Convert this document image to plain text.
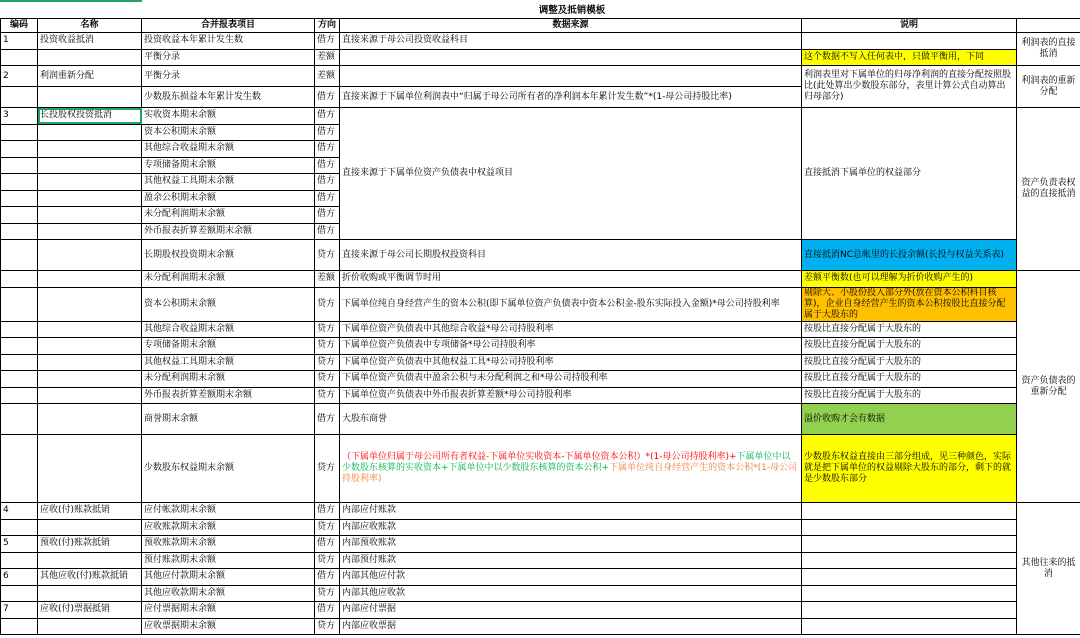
调整及抵销模板
编码	名称	合并报表项目	方向	数据来源	说明	
1	投资收益抵消	投资收益本年累计发生数	借方	直接来源于母公司投资收益科目		利润表的直接抵消
		平衡分录	差额		这个数据不写入任何表中，只做平衡用，下同	
2	利润重新分配	平衡分录	差额		利润表里对下属单位的归母净利润的直接分配按照股比(此处算出少数股东部分，表里计算公式自动算出归母部分)	利润表的重新分配
		少数股东损益本年累计发生数	借方	直接来源于下属单位利润表中“归属于母公司所有者的净利润本年累计发生数”*(1-母公司持股比率)		
3	长投股权投资抵消	实收资本期末余额	借方	直接来源于下属单位资产负债表中权益项目	直接抵消下属单位的权益部分	资产负责表权益的直接抵消
		资本公积期末余额	借方			
		其他综合收益期末余额	借方			
		专项储备期末余额	借方			
		其他权益工具期末余额	借方			
		盈余公积期末余额	借方			
		未分配利润期末余额	借方			
		外币报表折算差额期末余额	借方			
		长期股权投资期末余额	贷方	直接来源于母公司长期股权投资科目	直接抵消NC总帐里的长投余额(长投与权益关系表)	
		未分配利润期末余额	差额	折价收购或平衡调节时用	差额平衡数(也可以理解为折价收购产生的)	资产负债表的重新分配
		资本公积期末余额	贷方	下属单位纯自身经营产生的资本公积(即下属单位资产负债表中资本公积金-股东实际投入金额)*母公司持股利率	剔除大、小股份投入部分外(放在资本公积科目核算)，企业自身经营产生的资本公积按股比直接分配属于大股东的	
		其他综合收益期末余额	贷方	下属单位资产负债表中其他综合收益*母公司持股利率	按股比直接分配属于大股东的	
		专项储备期末余额	贷方	下属单位资产负债表中专项储备*母公司持股利率	按股比直接分配属于大股东的	
		其他权益工具期末余额	贷方	下属单位资产负债表中其他权益工具*母公司持股利率	按股比直接分配属于大股东的	
		未分配利润期末余额	贷方	下属单位资产负债表中盈余公积与未分配利润之和*母公司持股利率	按股比直接分配属于大股东的	
		外币报表折算差额期末余额	贷方	下属单位资产负债表中外币报表折算差额*母公司持股利率	按股比直接分配属于大股东的	
		商誉期末余额	借方	大股东商誉	溢价收购才会有数据	
		少数股东权益期末余额	贷方	（下属单位归属于母公司所有者权益-下属单位实收资本-下属单位资本公积）*(1-母公司持股利率)+下属单位中以少数股东核算的实收资本+下属单位中以少数股东核算的资本公积+下属单位纯自身经营产生的资本公积*(1-母公司持股利率)	少数股东权益直接由三部分组成，见三种颜色，实际就是把下属单位的权益剔除大股东的部分，剩下的就是少数股东部分	
4	应收(付)账款抵销	应付帐款期末余额	借方	内部应付账款		其他往来的抵消
		应收账款期末余额	贷方	内部应收账款		
5	预收(付)账款抵销	预收账款期末余额	借方	内部预收账款		
		预付账款期末余额	贷方	内部预付账款		
6	其他应收(付)账款抵销	其他应付款期末余额	借方	内部其他应付款		
		其他应收款期末余额	贷方	内部其他应收款		
7	应收(付)票据抵销	应付票据期末余额	借方	内部应付票据		
		应收票据期末余额	贷方	内部应收票据		
